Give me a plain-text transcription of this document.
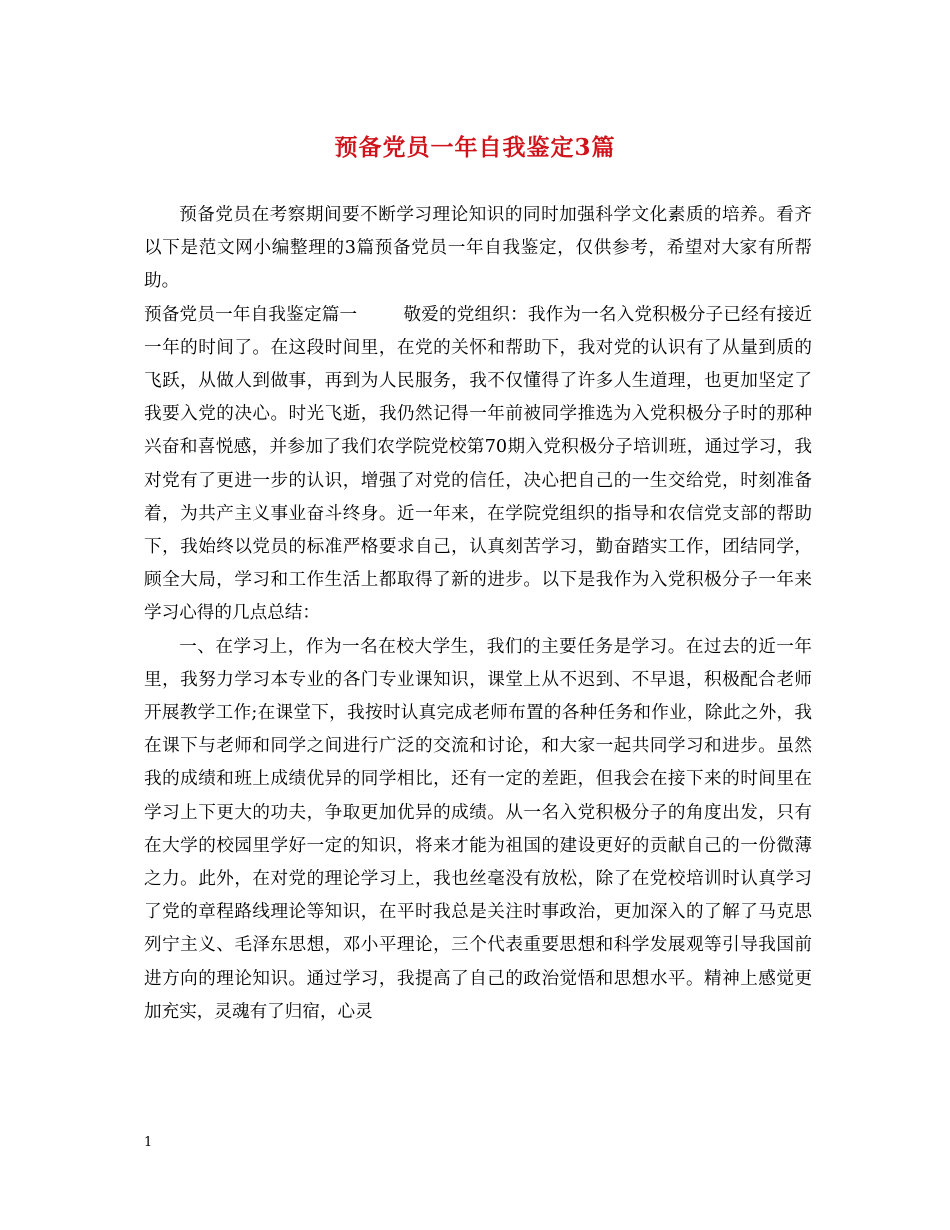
预备党员一年自我鉴定3篇

预备党员在考察期间要不断学习理论知识的同时加强科学文化素质的培养。看齐以下是范文网小编整理的3篇预备党员一年自我鉴定，仅供参考，希望对大家有所帮助。

预备党员一年自我鉴定篇一	敬爱的党组织：我作为一名入党积极分子已经有接近一年的时间了。在这段时间里，在党的关怀和帮助下，我对党的认识有了从量到质的飞跃，从做人到做事，再到为人民服务，我不仅懂得了许多人生道理，也更加坚定了我要入党的决心。时光飞逝，我仍然记得一年前被同学推选为入党积极分子时的那种兴奋和喜悦感，并参加了我们农学院党校第70期入党积极分子培训班，通过学习，我对党有了更进一步的认识，增强了对党的信任，决心把自己的一生交给党，时刻准备着，为共产主义事业奋斗终身。近一年来，在学院党组织的指导和农信党支部的帮助下，我始终以党员的标准严格要求自己，认真刻苦学习，勤奋踏实工作，团结同学，顾全大局，学习和工作生活上都取得了新的进步。以下是我作为入党积极分子一年来学习心得的几点总结：

一、在学习上，作为一名在校大学生，我们的主要任务是学习。在过去的近一年里，我努力学习本专业的各门专业课知识，课堂上从不迟到、不早退，积极配合老师开展教学工作;在课堂下，我按时认真完成老师布置的各种任务和作业，除此之外，我在课下与老师和同学之间进行广泛的交流和讨论，和大家一起共同学习和进步。虽然我的成绩和班上成绩优异的同学相比，还有一定的差距，但我会在接下来的时间里在学习上下更大的功夫，争取更加优异的成绩。从一名入党积极分子的角度出发，只有在大学的校园里学好一定的知识，将来才能为祖国的建设更好的贡献自己的一份微薄之力。此外，在对党的理论学习上，我也丝毫没有放松，除了在党校培训时认真学习了党的章程路线理论等知识，在平时我总是关注时事政治，更加深入的了解了马克思列宁主义、毛泽东思想，邓小平理论，三个代表重要思想和科学发展观等引导我国前进方向的理论知识。通过学习，我提高了自己的政治觉悟和思想水平。精神上感觉更加充实，灵魂有了归宿，心灵

1
